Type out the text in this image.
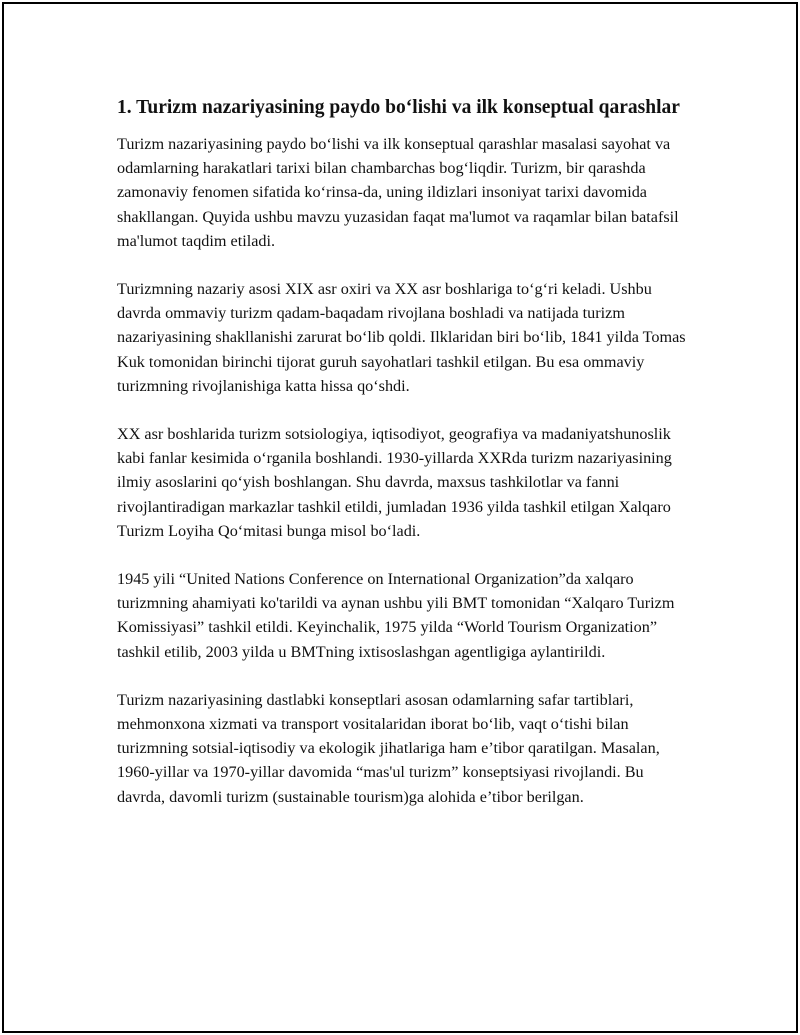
1. Turizm nazariyasining paydo bo‘lishi va ilk konseptual qarashlar

Turizm nazariyasining paydo bo‘lishi va ilk konseptual qarashlar masalasi sayohat va odamlarning harakatlari tarixi bilan chambarchas bog‘liqdir. Turizm, bir qarashda zamonaviy fenomen sifatida ko‘rinsa-da, uning ildizlari insoniyat tarixi davomida shakllangan. Quyida ushbu mavzu yuzasidan faqat ma'lumot va raqamlar bilan batafsil ma'lumot taqdim etiladi.

Turizmning nazariy asosi XIX asr oxiri va XX asr boshlariga to‘g‘ri keladi. Ushbu davrda ommaviy turizm qadam-baqadam rivojlana boshladi va natijada turizm nazariyasining shakllanishi zarurat bo‘lib qoldi. Ilklaridan biri bo‘lib, 1841 yilda Tomas Kuk tomonidan birinchi tijorat guruh sayohatlari tashkil etilgan. Bu esa ommaviy turizmning rivojlanishiga katta hissa qo‘shdi.

XX asr boshlarida turizm sotsiologiya, iqtisodiyot, geografiya va madaniyatshunoslik kabi fanlar kesimida o‘rganila boshlandi. 1930-yillarda XXRda turizm nazariyasining ilmiy asoslarini qo‘yish boshlangan. Shu davrda, maxsus tashkilotlar va fanni rivojlantiradigan markazlar tashkil etildi, jumladan 1936 yilda tashkil etilgan Xalqaro Turizm Loyiha Qo‘mitasi bunga misol bo‘ladi.

1945 yili “United Nations Conference on International Organization”da xalqaro turizmning ahamiyati ko'tarildi va aynan ushbu yili BMT tomonidan “Xalqaro Turizm Komissiyasi” tashkil etildi. Keyinchalik, 1975 yilda “World Tourism Organization” tashkil etilib, 2003 yilda u BMTning ixtisoslashgan agentligiga aylantirildi.

Turizm nazariyasining dastlabki konseptlari asosan odamlarning safar tartiblari, mehmonxona xizmati va transport vositalaridan iborat bo‘lib, vaqt o‘tishi bilan turizmning sotsial-iqtisodiy va ekologik jihatlariga ham e’tibor qaratilgan. Masalan, 1960-yillar va 1970-yillar davomida “mas'ul turizm” konseptsiyasi rivojlandi. Bu davrda, davomli turizm (sustainable tourism)ga alohida e’tibor berilgan.
